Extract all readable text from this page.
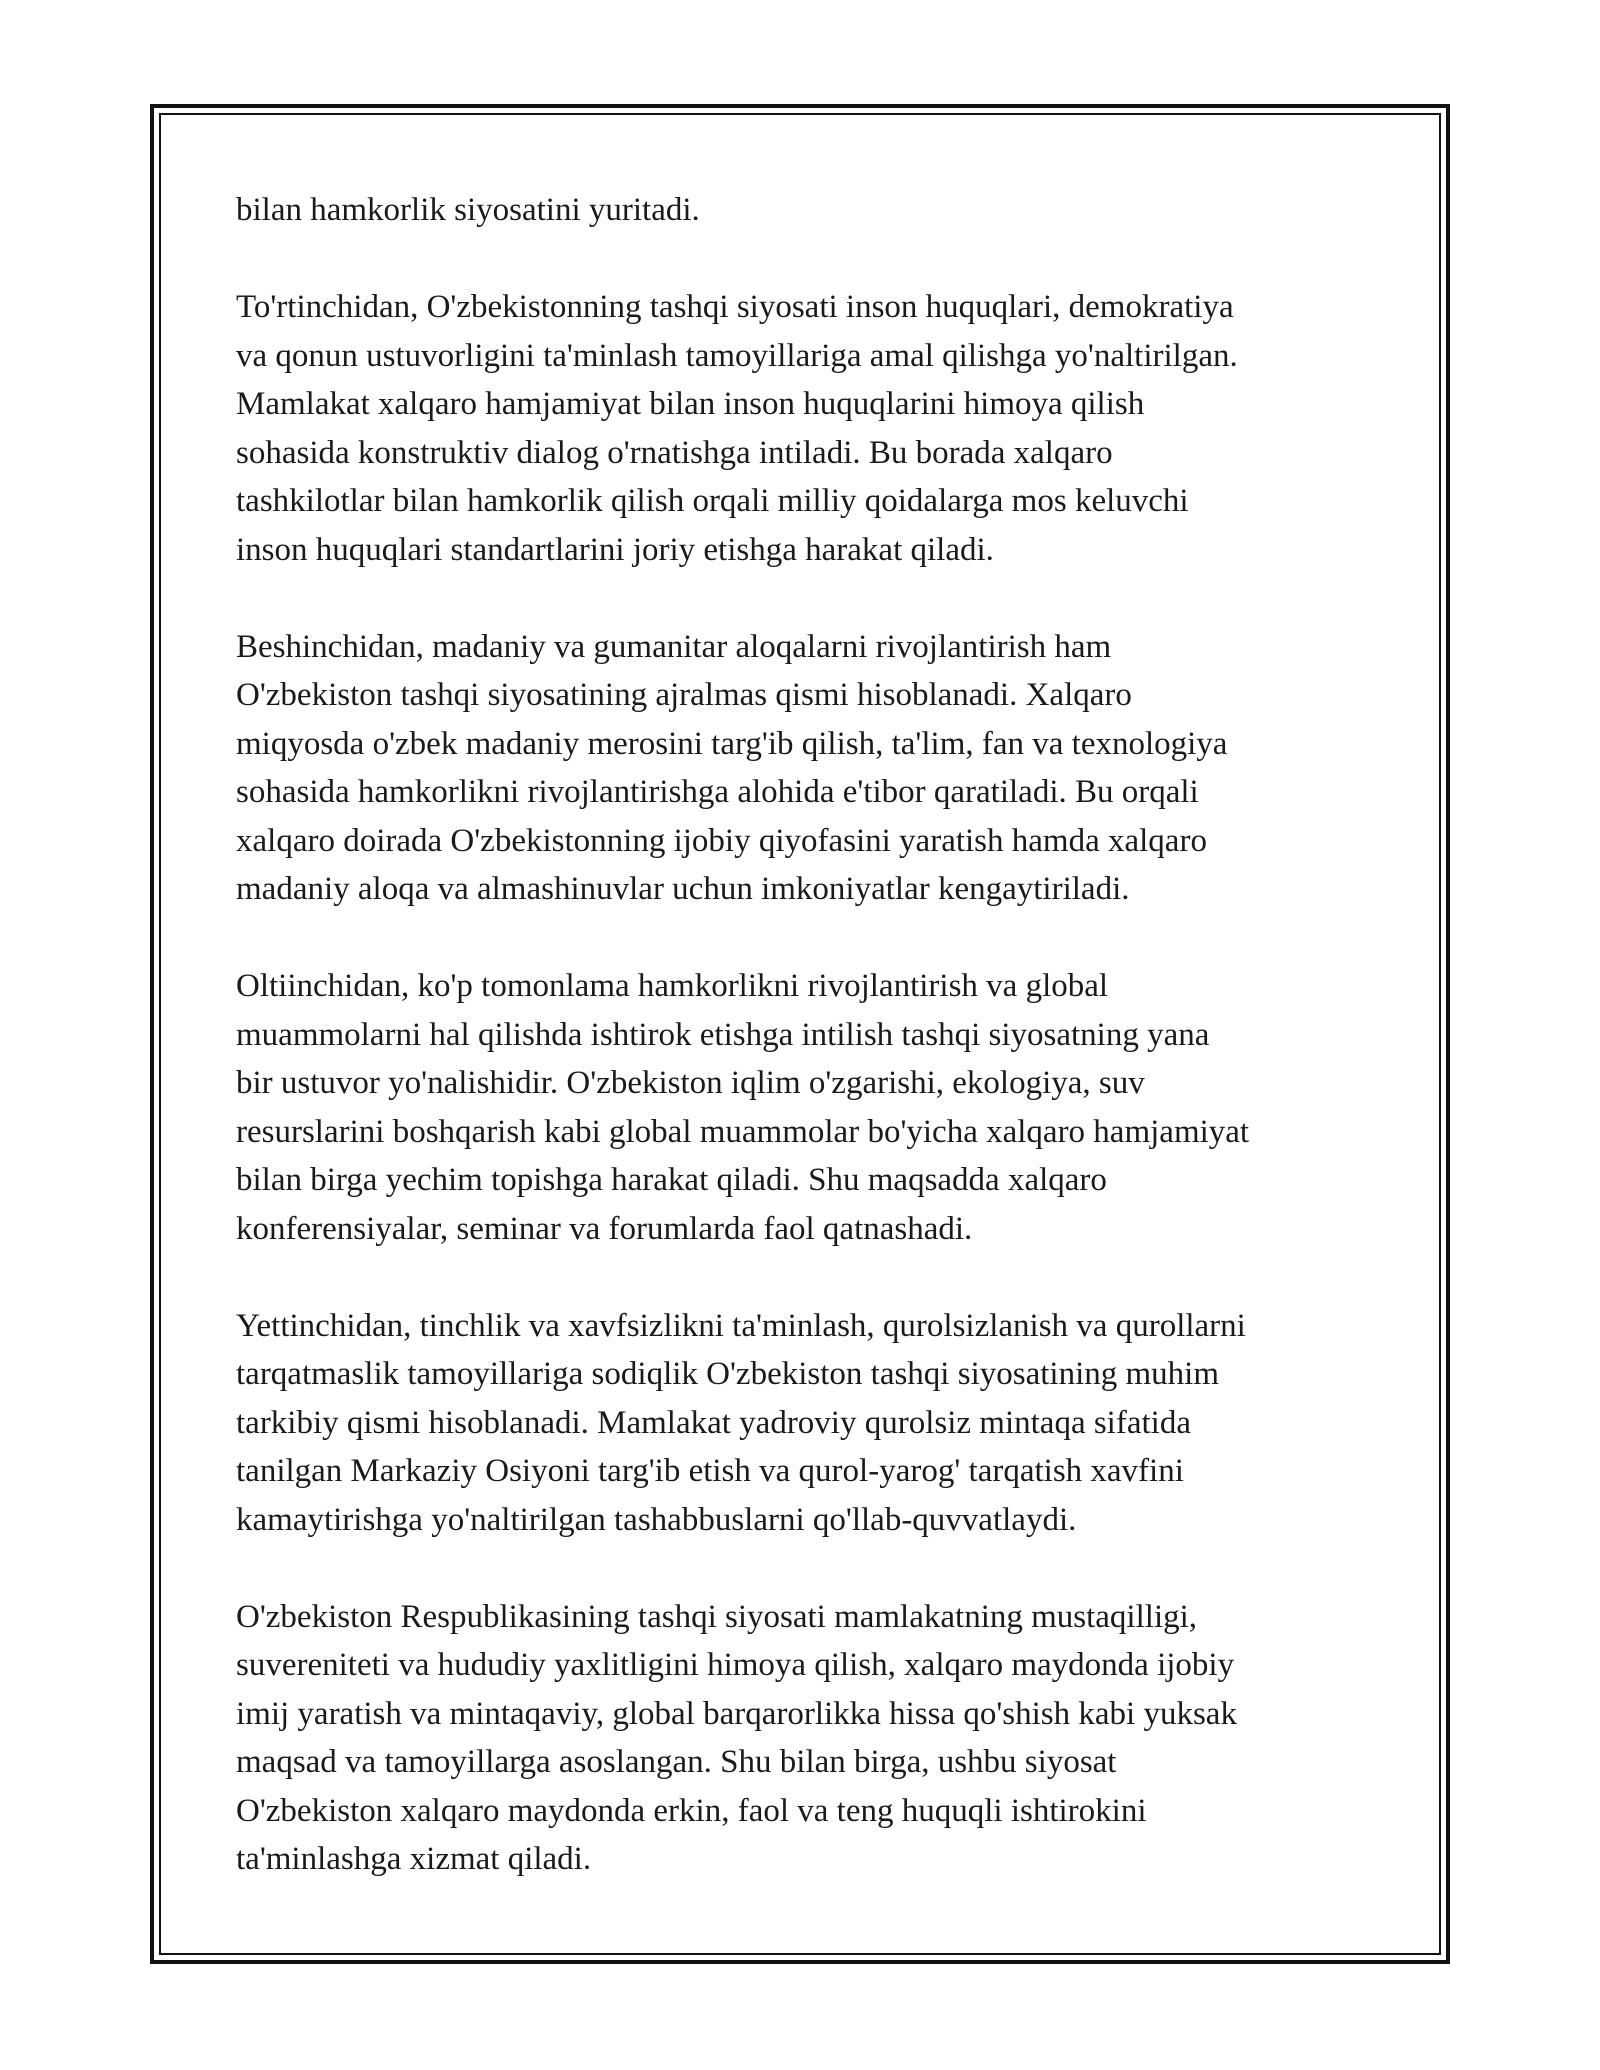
bilan hamkorlik siyosatini yuritadi.

To'rtinchidan, O'zbekistonning tashqi siyosati inson huquqlari, demokratiya
va qonun ustuvorligini ta'minlash tamoyillariga amal qilishga yo'naltirilgan.
Mamlakat xalqaro hamjamiyat bilan inson huquqlarini himoya qilish
sohasida konstruktiv dialog o'rnatishga intiladi. Bu borada xalqaro
tashkilotlar bilan hamkorlik qilish orqali milliy qoidalarga mos keluvchi
inson huquqlari standartlarini joriy etishga harakat qiladi.

Beshinchidan, madaniy va gumanitar aloqalarni rivojlantirish ham
O'zbekiston tashqi siyosatining ajralmas qismi hisoblanadi. Xalqaro
miqyosda o'zbek madaniy merosini targ'ib qilish, ta'lim, fan va texnologiya
sohasida hamkorlikni rivojlantirishga alohida e'tibor qaratiladi. Bu orqali
xalqaro doirada O'zbekistonning ijobiy qiyofasini yaratish hamda xalqaro
madaniy aloqa va almashinuvlar uchun imkoniyatlar kengaytiriladi.

Oltiinchidan, ko'p tomonlama hamkorlikni rivojlantirish va global
muammolarni hal qilishda ishtirok etishga intilish tashqi siyosatning yana
bir ustuvor yo'nalishidir. O'zbekiston iqlim o'zgarishi, ekologiya, suv
resurslarini boshqarish kabi global muammolar bo'yicha xalqaro hamjamiyat
bilan birga yechim topishga harakat qiladi. Shu maqsadda xalqaro
konferensiyalar, seminar va forumlarda faol qatnashadi.

Yettinchidan, tinchlik va xavfsizlikni ta'minlash, qurolsizlanish va qurollarni
tarqatmaslik tamoyillariga sodiqlik O'zbekiston tashqi siyosatining muhim
tarkibiy qismi hisoblanadi. Mamlakat yadroviy qurolsiz mintaqa sifatida
tanilgan Markaziy Osiyoni targ'ib etish va qurol-yarog' tarqatish xavfini
kamaytirishga yo'naltirilgan tashabbuslarni qo'llab-quvvatlaydi.

O'zbekiston Respublikasining tashqi siyosati mamlakatning mustaqilligi,
suvereniteti va hududiy yaxlitligini himoya qilish, xalqaro maydonda ijobiy
imij yaratish va mintaqaviy, global barqarorlikka hissa qo'shish kabi yuksak
maqsad va tamoyillarga asoslangan. Shu bilan birga, ushbu siyosat
O'zbekiston xalqaro maydonda erkin, faol va teng huquqli ishtirokini
ta'minlashga xizmat qiladi.
